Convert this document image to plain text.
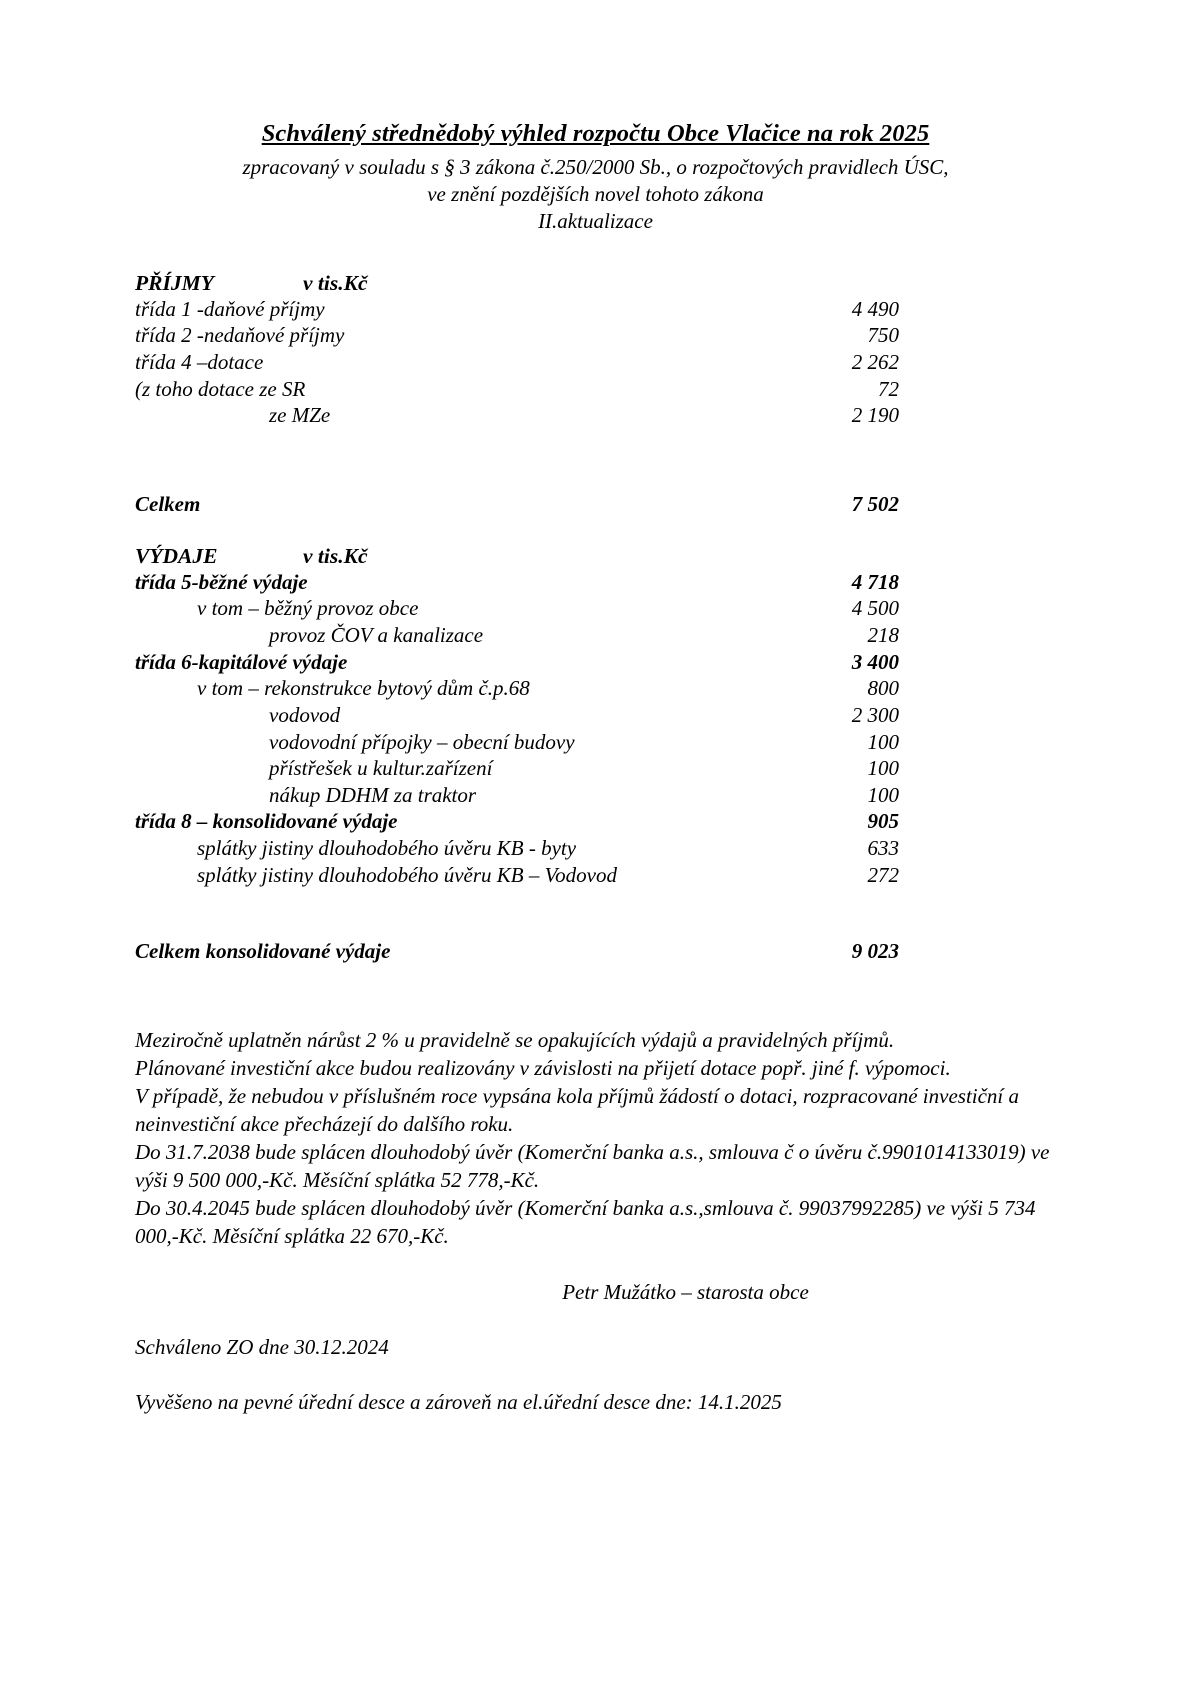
Schválený střednědobý výhled rozpočtu Obce Vlačice na rok 2025
zpracovaný v souladu s § 3 zákona č.250/2000 Sb., o rozpočtových pravidlech ÚSC,
ve znění pozdějších novel tohoto zákona
II.aktualizace
PŘÍJMY	v tis.Kč
třída 1 -daňové příjmy	4 490
třída 2 -nedaňové příjmy	750
třída 4 –dotace	2 262
(z toho dotace ze SR	72
ze MZe	2 190
Celkem	7 502
VÝDAJE	v tis.Kč
třída 5-běžné výdaje	4 718
v tom – běžný provoz obce	4 500
provoz ČOV a kanalizace	218
třída 6-kapitálové výdaje	3 400
v tom – rekonstrukce bytový dům č.p.68	800
vodovod	2 300
vodovodní přípojky – obecní budovy	100
přístřešek u kultur.zařízení	100
nákup DDHM za traktor	100
třída 8 – konsolidované výdaje	905
splátky jistiny dlouhodobého úvěru KB - byty	633
splátky jistiny dlouhodobého úvěru KB – Vodovod	272
Celkem konsolidované výdaje	9 023

Meziročně uplatněn nárůst 2 % u pravidelně se opakujících výdajů a pravidelných příjmů.

Plánované investiční akce budou realizovány v závislosti na přijetí dotace popř. jiné f. výpomoci.

V případě, že nebudou v příslušném roce vypsána kola příjmů žádostí o dotaci, rozpracované investiční a neinvestiční akce přecházejí do dalšího roku.

Do 31.7.2038 bude splácen dlouhodobý úvěr (Komerční banka a.s., smlouva č o úvěru č.9901014133019) ve výši 9 500 000,-Kč. Měsíční splátka 52 778,-Kč.

Do 30.4.2045 bude splácen dlouhodobý úvěr (Komerční banka a.s.,smlouva č. 99037992285) ve výši 5 734 000,-Kč. Měsíční splátka 22 670,-Kč.

Petr Mužátko – starosta obce
Schváleno ZO dne 30.12.2024
Vyvěšeno na pevné úřední desce a zároveň na el.úřední desce dne: 14.1.2025
